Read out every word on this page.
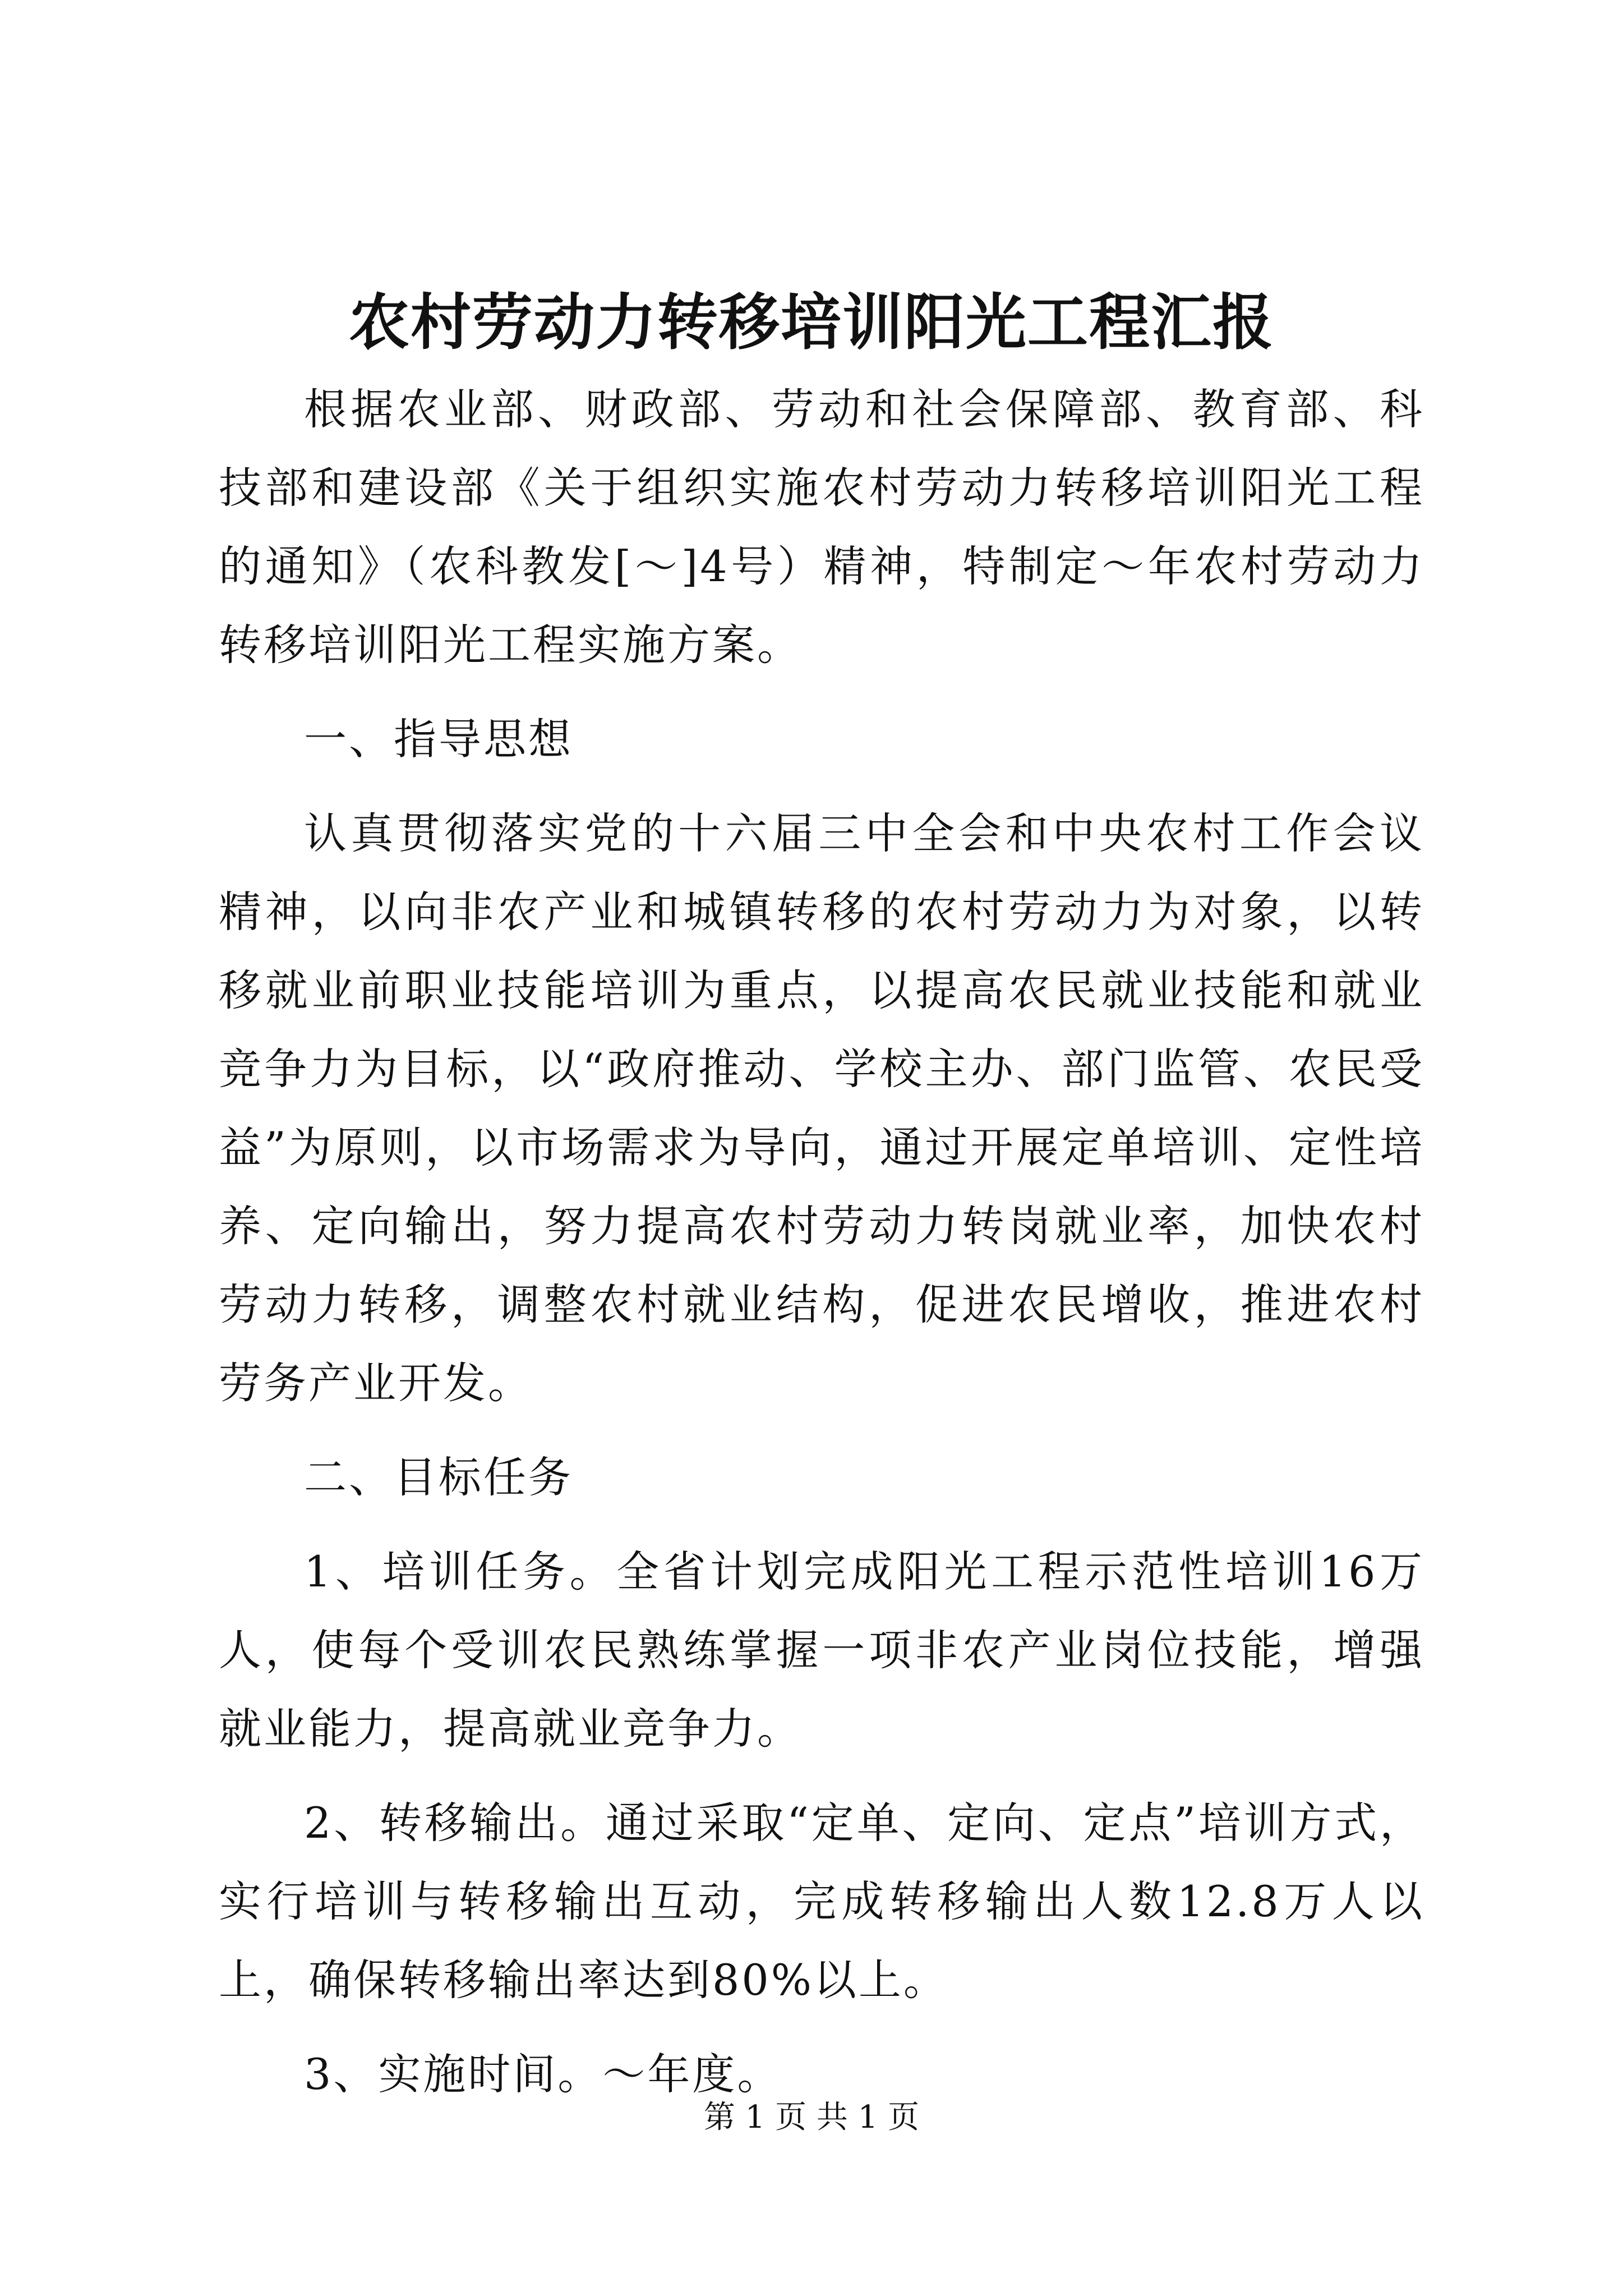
农村劳动力转移培训阳光工程汇报

根据农业部、财政部、劳动和社会保障部、教育部、科技部和建设部《关于组织实施农村劳动力转移培训阳光工程的通知》（农科教发[～]4号）精神，特制定～年农村劳动力转移培训阳光工程实施方案。

一、指导思想

认真贯彻落实党的十六届三中全会和中央农村工作会议精神，以向非农产业和城镇转移的农村劳动力为对象，以转移就业前职业技能培训为重点，以提高农民就业技能和就业竞争力为目标，以“政府推动、学校主办、部门监管、农民受益”为原则，以市场需求为导向，通过开展定单培训、定性培养、定向输出，努力提高农村劳动力转岗就业率，加快农村劳动力转移，调整农村就业结构，促进农民增收，推进农村劳务产业开发。

二、目标任务

1、培训任务。全省计划完成阳光工程示范性培训16万人，使每个受训农民熟练掌握一项非农产业岗位技能，增强就业能力，提高就业竞争力。

2、转移输出。通过采取“定单、定向、定点”培训方式，实行培训与转移输出互动，完成转移输出人数12.8万人以上，确保转移输出率达到80%以上。

3、实施时间。～年度。

第 1 页 共 1 页
